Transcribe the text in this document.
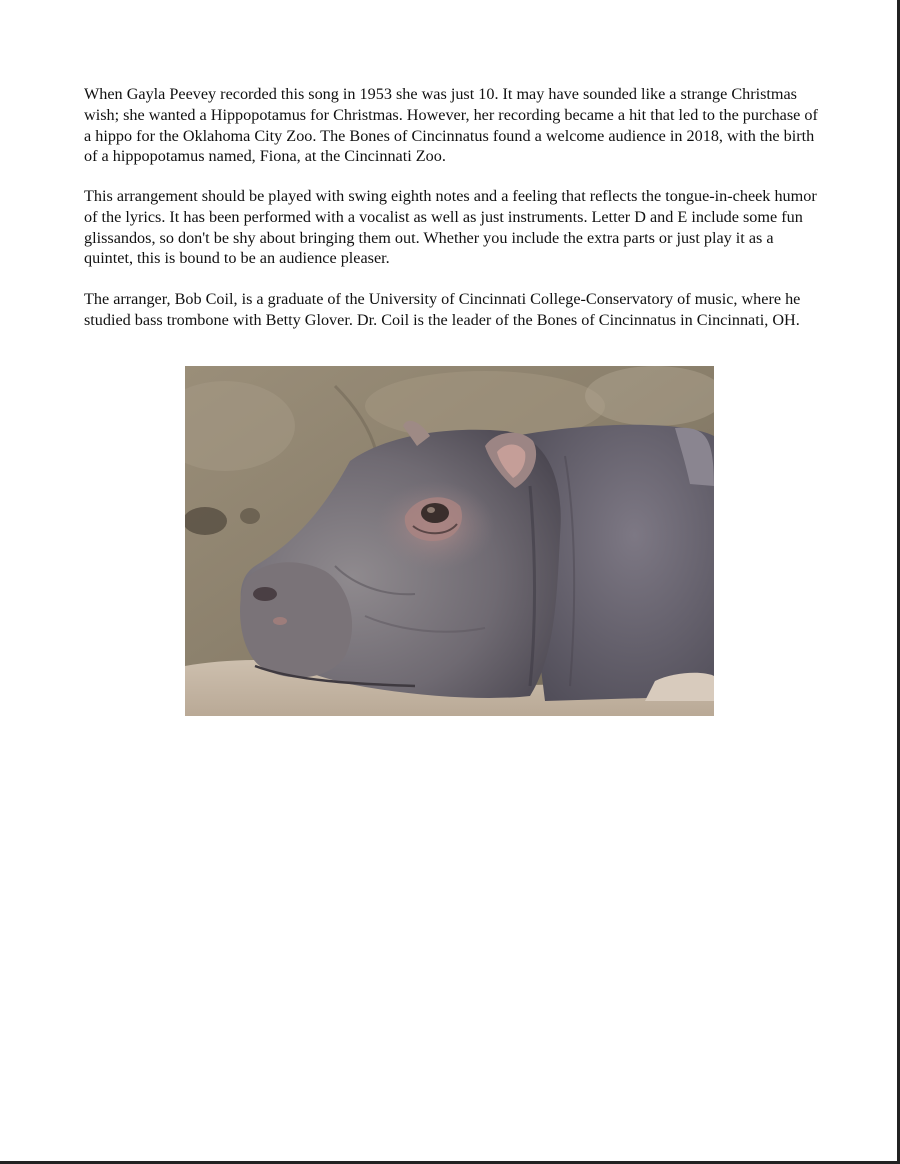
When Gayla Peevey recorded this song in 1953 she was just 10. It may have sounded like a strange Christmas wish; she wanted a Hippopotamus for Christmas. However, her recording became a hit that led to the purchase of a hippo for the Oklahoma City Zoo. The Bones of Cincinnatus found a welcome audience in 2018, with the birth of a hippopotamus named, Fiona, at the Cincinnati Zoo.

This arrangement should be played with swing eighth notes and a feeling that reflects the tongue-in-cheek humor of the lyrics. It has been performed with a vocalist as well as just instruments. Letter D and E include some fun glissandos, so don't be shy about bringing them out. Whether you include the extra parts or just play it as a quintet, this is bound to be an audience pleaser.

The arranger, Bob Coil, is a graduate of the University of Cincinnati College-Conservatory of music, where he studied bass trombone with Betty Glover. Dr. Coil is the leader of the Bones of Cincinnatus in Cincinnati, OH.
